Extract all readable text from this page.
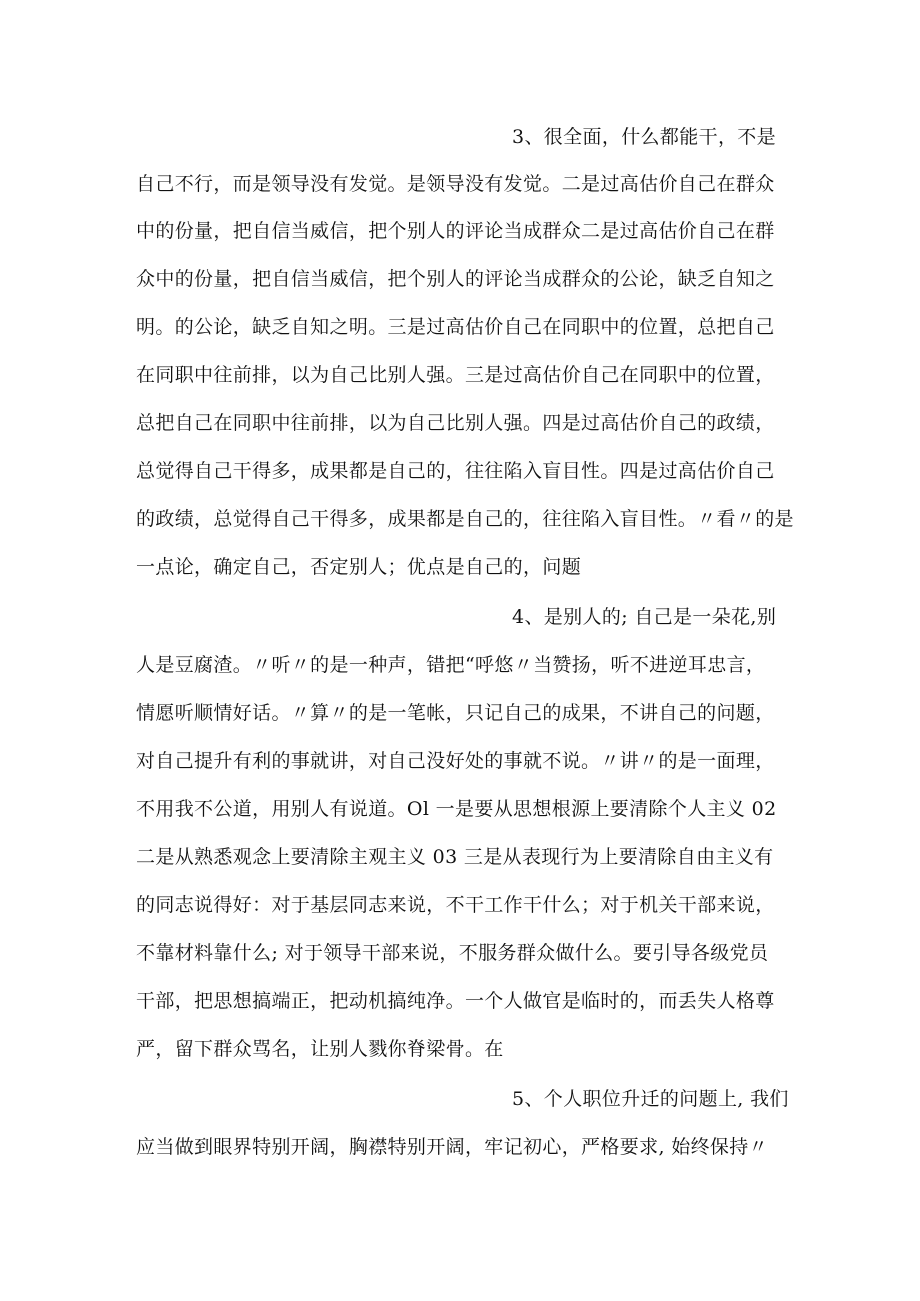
3、很全面，什么都能干，不是
自己不行，而是领导没有发觉。是领导没有发觉。二是过高估价自己在群众
中的份量，把自信当威信，把个别人的评论当成群众二是过高估价自己在群
众中的份量，把自信当威信，把个别人的评论当成群众的公论，缺乏自知之
明。的公论，缺乏自知之明。三是过高估价自己在同职中的位置，总把自己
在同职中往前排，以为自己比别人强。三是过高估价自己在同职中的位置，
总把自己在同职中往前排，以为自己比别人强。四是过高估价自己的政绩，
总觉得自己干得多，成果都是自己的，往往陷入盲目性。四是过高估价自己
的政绩，总觉得自己干得多，成果都是自己的，往往陷入盲目性。〃看〃的是
一点论，确定自己，否定别人；优点是自己的，问题
4、是别人的; 自己是一朵花,别
人是豆腐渣。〃听〃的是一种声，错把“呼悠〃当赞扬，听不进逆耳忠言，
情愿听顺情好话。〃算〃的是一笔帐，只记自己的成果，不讲自己的问题，
对自己提升有利的事就讲，对自己没好处的事就不说。〃讲〃的是一面理，
不用我不公道，用别人有说道。Ol 一是要从思想根源上要清除个人主义 02
二是从熟悉观念上要清除主观主义 03 三是从表现行为上要清除自由主义有
的同志说得好：对于基层同志来说，不干工作干什么；对于机关干部来说，
不靠材料靠什么; 对于领导干部来说，不服务群众做什么。要引导各级党员
干部，把思想搞端正，把动机搞纯净。一个人做官是临时的，而丢失人格尊
严，留下群众骂名，让别人戮你脊梁骨。在
5、个人职位升迁的问题上, 我们
应当做到眼界特别开阔，胸襟特别开阔，牢记初心，严格要求, 始终保持〃
